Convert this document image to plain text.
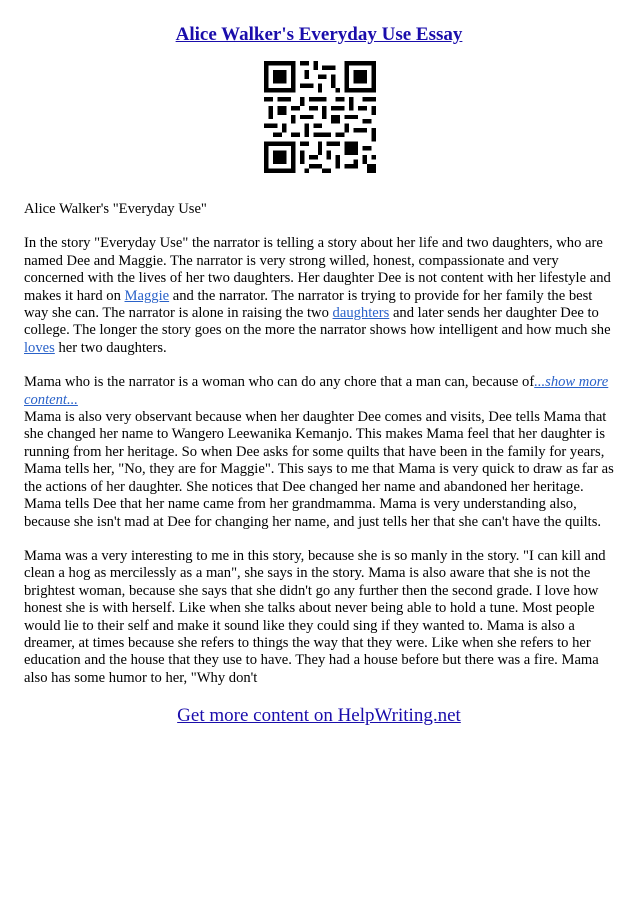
Alice Walker's Everyday Use Essay

Alice Walker's "Everyday Use"

In the story "Everyday Use" the narrator is telling a story about her life and two daughters, who are named Dee and Maggie. The narrator is very strong willed, honest, compassionate and very concerned with the lives of her two daughters. Her daughter Dee is not content with her lifestyle and makes it hard on Maggie and the narrator. The narrator is trying to provide for her family the best way she can. The narrator is alone in raising the two daughters and later sends her daughter Dee to college. The longer the story goes on the more the narrator shows how intelligent and how much she loves her two daughters.

Mama who is the narrator is a woman who can do any chore that a man can, because of...show more content...

Mama is also very observant because when her daughter Dee comes and visits, Dee tells Mama that she changed her name to Wangero Leewanika Kemanjo. This makes Mama feel that her daughter is running from her heritage. So when Dee asks for some quilts that have been in the family for years, Mama tells her, "No, they are for Maggie". This says to me that Mama is very quick to draw as far as the actions of her daughter. She notices that Dee changed her name and abandoned her heritage. Mama tells Dee that her name came from her grandmamma. Mama is very understanding also, because she isn't mad at Dee for changing her name, and just tells her that she can't have the quilts.

Mama was a very interesting to me in this story, because she is so manly in the story. "I can kill and clean a hog as mercilessly as a man", she says in the story. Mama is also aware that she is not the brightest woman, because she says that she didn't go any further then the second grade. I love how honest she is with herself. Like when she talks about never being able to hold a tune. Most people would lie to their self and make it sound like they could sing if they wanted to. Mama is also a dreamer, at times because she refers to things the way that they were. Like when she refers to her education and the house that they use to have. They had a house before but there was a fire. Mama also has some humor to her, "Why don't

Get more content on HelpWriting.net
